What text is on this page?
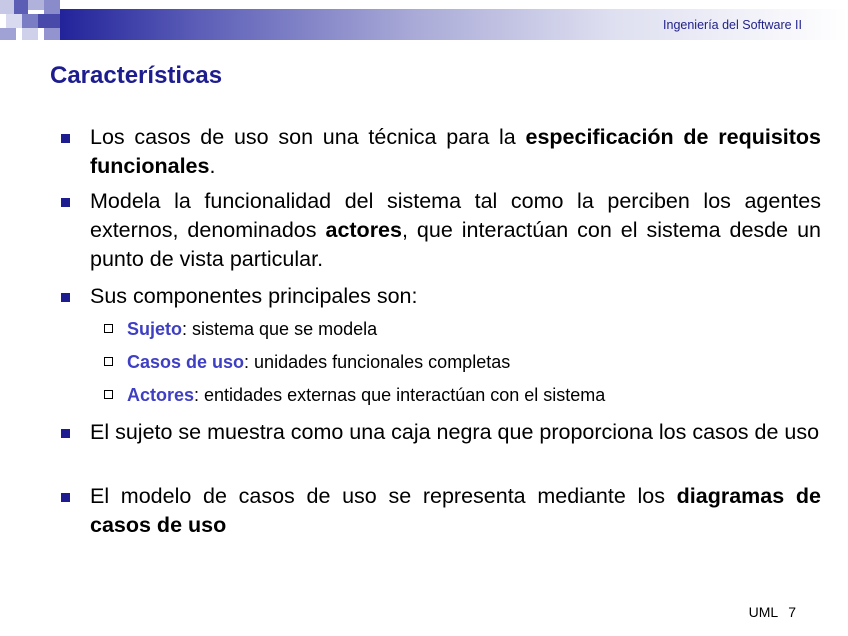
Ingeniería del Software II
Características
Los casos de uso son una técnica para la especificación de requisitos funcionales.
Modela la funcionalidad del sistema tal como la perciben los agentes externos, denominados actores, que interactúan con el sistema desde un punto de vista particular.
Sus componentes principales son:
Sujeto: sistema que se modela
Casos de uso: unidades funcionales completas
Actores: entidades externas que interactúan con el sistema
El sujeto se muestra como una caja negra que proporciona los casos de uso
El modelo de casos de uso se representa mediante los diagramas de casos de uso
UML 7
